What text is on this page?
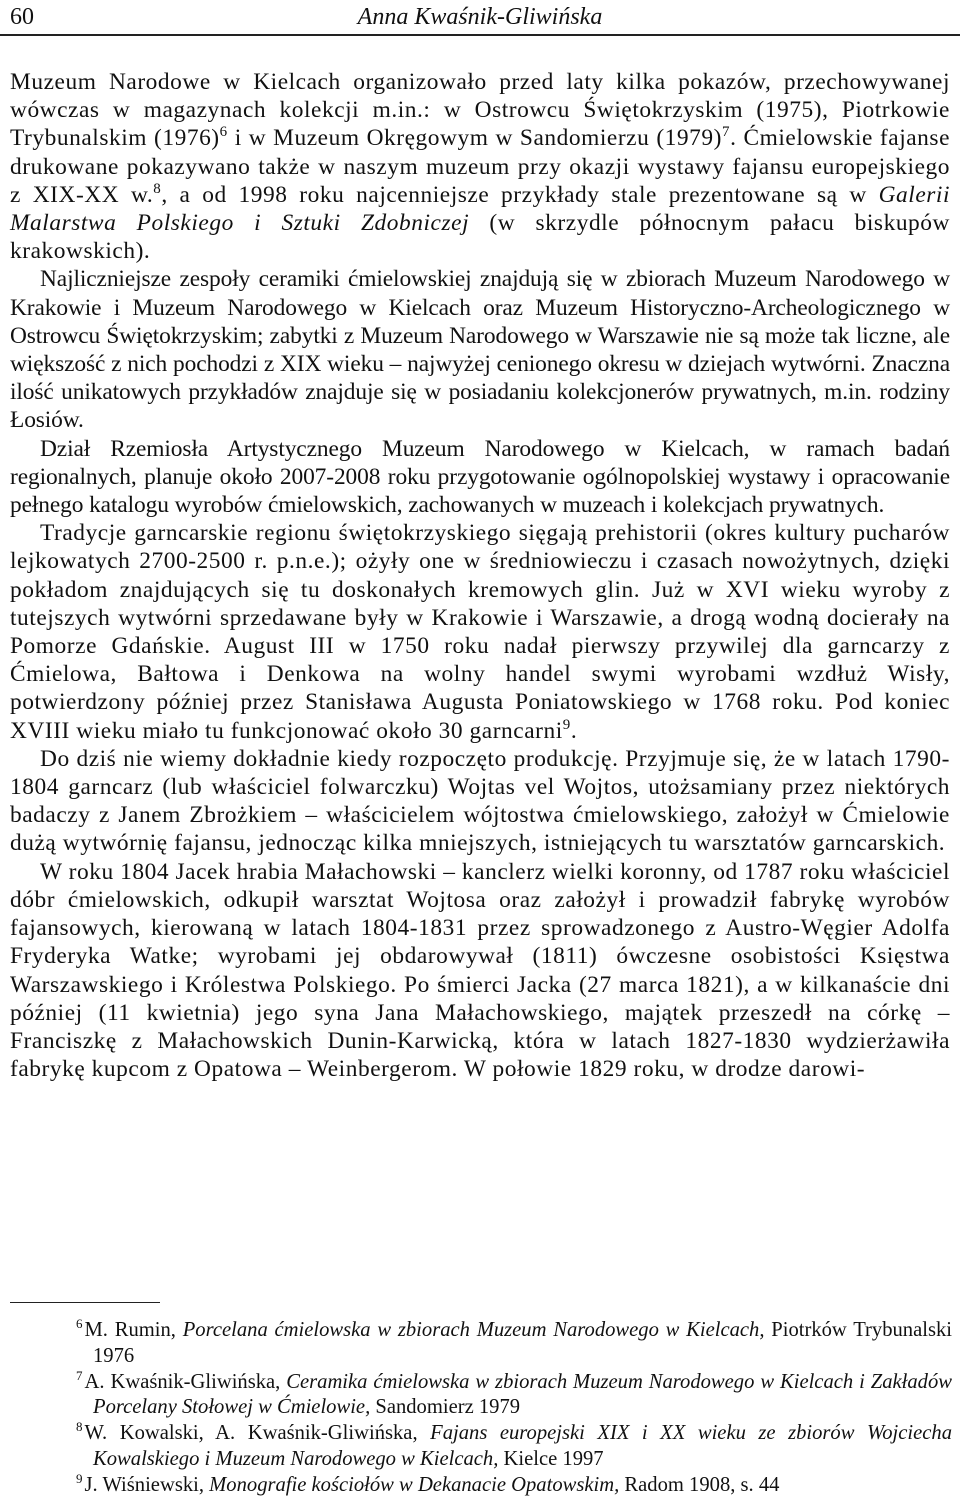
60	Anna Kwaśnik-Gliwińska

Muzeum Narodowe w Kielcach organizowało przed laty kilka pokazów, przechowywanej wówczas w magazynach kolekcji m.in.: w Ostrowcu Świętokrzyskim (1975), Piotrkowie Trybunalskim $(1976)^6$ i w Muzeum Okręgowym w Sandomierzu $(1979)^7$. Ćmielowskie fajanse drukowane pokazywano także w naszym muzeum przy okazji wystawy fajansu europejskiego z XIX-XX w.$^8$, a od 1998 roku najcenniejsze przykłady stale prezentowane są w Galerii Malarstwa Polskiego i Sztuki Zdobniczej (w skrzydle północnym pałacu biskupów krakowskich).

Najliczniejsze zespoły ceramiki ćmielowskiej znajdują się w zbiorach Muzeum Narodowego w Krakowie i Muzeum Narodowego w Kielcach oraz Muzeum Historyczno-Archeologicznego w Ostrowcu Świętokrzyskim; zabytki z Muzeum Narodowego w Warszawie nie są może tak liczne, ale większość z nich pochodzi z XIX wieku – najwyżej cenionego okresu w dziejach wytwórni. Znaczna ilość unikatowych przykładów znajduje się w posiadaniu kolekcjonerów prywatnych, m.in. rodziny Łosiów.

Dział Rzemiosła Artystycznego Muzeum Narodowego w Kielcach, w ramach badań regionalnych, planuje około 2007-2008 roku przygotowanie ogólnopolskiej wystawy i opracowanie pełnego katalogu wyrobów ćmielowskich, zachowanych w muzeach i kolekcjach prywatnych.

Tradycje garncarskie regionu świętokrzyskiego sięgają prehistorii (okres kultury pucharów lejkowatych 2700-2500 r. p.n.e.); ożyły one w średniowieczu i czasach nowożytnych, dzięki pokładom znajdujących się tu doskonałych kremowych glin. Już w XVI wieku wyroby z tutejszych wytwórni sprzedawane były w Krakowie i Warszawie, a drogą wodną docierały na Pomorze Gdańskie. August III w 1750 roku nadał pierwszy przywilej dla garncarzy z Ćmielowa, Bałtowa i Denkowa na wolny handel swymi wyrobami wzdłuż Wisły, potwierdzony później przez Stanisława Augusta Poniatowskiego w 1768 roku. Pod koniec XVIII wieku miało tu funkcjonować około 30 garncarni$^9$.

Do dziś nie wiemy dokładnie kiedy rozpoczęto produkcję. Przyjmuje się, że w latach 1790-1804 garncarz (lub właściciel folwarczku) Wojtas vel Wojtos, utożsamiany przez niektórych badaczy z Janem Zbrożkiem – właścicielem wójtostwa ćmielowskiego, założył w Ćmielowie dużą wytwórnię fajansu, jednocząc kilka mniejszych, istniejących tu warsztatów garncarskich.

W roku 1804 Jacek hrabia Małachowski – kanclerz wielki koronny, od 1787 roku właściciel dóbr ćmielowskich, odkupił warsztat Wojtosa oraz założył i prowadził fabrykę wyrobów fajansowych, kierowaną w latach 1804-1831 przez sprowadzonego z Austro-Węgier Adolfa Fryderyka Watke; wyrobami jej obdarowywał (1811) ówczesne osobistości Księstwa Warszawskiego i Królestwa Polskiego. Po śmierci Jacka (27 marca 1821), a w kilkanaście dni później (11 kwietnia) jego syna Jana Małachowskiego, majątek przeszedł na córkę – Franciszkę z Małachowskich Dunin-Karwicką, która w latach 1827-1830 wydzierżawiła fabrykę kupcom z Opatowa – Weinbergerom. W połowie 1829 roku, w drodze darowi-

$^6$M. Rumin, Porcelana ćmielowska w zbiorach Muzeum Narodowego w Kielcach, Piotrków Trybunalski 1976

$^7$A. Kwaśnik-Gliwińska, Ceramika ćmielowska w zbiorach Muzeum Narodowego w Kielcach i Zakładów Porcelany Stołowej w Ćmielowie, Sandomierz 1979

$^8$W. Kowalski, A. Kwaśnik-Gliwińska, Fajans europejski XIX i XX wieku ze zbiorów Wojciecha Kowalskiego i Muzeum Narodowego w Kielcach, Kielce 1997

$^9$J. Wiśniewski, Monografie kościołów w Dekanacie Opatowskim, Radom 1908, s. 44
